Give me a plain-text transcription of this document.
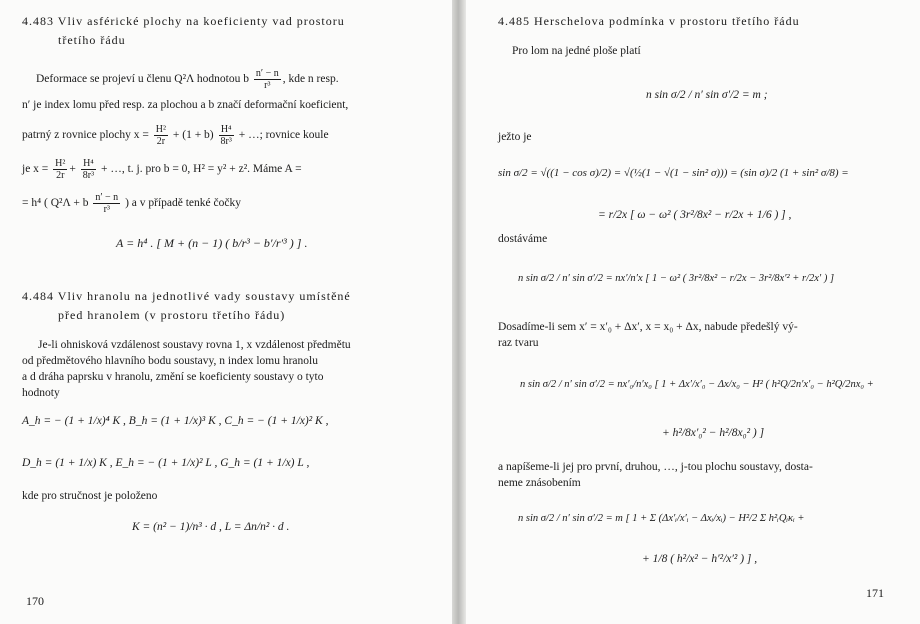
4.483 Vliv asférické plochy na koeficienty vad prostoru
třetího řádu
Deformace se projeví u členu Q²Λ hodnotou b $\frac{n' - n}{\text{r³}}$ , kde n resp.
n′ je index lomu před resp. za plochou a b značí deformační koeficient,
patrný z rovnice plochy $x = \frac{\text{H²}}{2r} + (1 + b) \frac{\text{H⁴}}{\text{8r³}}$ + …; rovnice koule
je $x = \frac{\text{H²}}{2r} + \frac{\text{H⁴}}{\text{8r³}}$ + …, t. j. pro b = 0, H² = y² + z². Máme A =
= h⁴ ( Q²Λ + b $\frac{n' - n}{\text{r³}}$ ) a v případě tenké čočky
A = h⁴ . [ M + (n − 1) ( b/r³ − b′/r′³ ) ] .
4.484 Vliv hranolu na jednotlivé vady soustavy umístěné
před hranolem (v prostoru třetího řádu)
Je-li ohnisková vzdálenost soustavy rovna 1, x vzdálenost předmětu
od předmětového hlavního bodu soustavy, n index lomu hranolu
a d dráha paprsku v hranolu, změní se koeficienty soustavy o tyto
hodnoty
A_h = − (1 + 1/x)⁴ K , B_h = (1 + 1/x)³ K , C_h = − (1 + 1/x)² K ,
D_h = (1 + 1/x) K , E_h = − (1 + 1/x)² L , G_h = (1 + 1/x) L ,
kde pro stručnost je položeno
K = (n² − 1)/n³ · d , L = Δn/n² · d .
170
4.485 Herschelova podmínka v prostoru třetího řádu
Pro lom na jedné ploše platí
n sin σ/2 / n′ sin σ′/2 = m ;
ježto je
sin σ/2 = √((1 − cos σ)/2) = √(½(1 − √(1 − sin² σ))) = (sin σ)/2 (1 + sin² σ/8) =
= r/2x [ ω − ω² ( 3r²/8x² − r/2x + 1/6 ) ] ,
dostáváme
n sin σ/2 / n′ sin σ′/2 = nx′/n′x [ 1 − ω² ( 3r²/8x² − r/2x − 3r²/8x′² + r/2x′ ) ]
Dosadíme-li sem x′ = x′₀ + Δx′, x = x₀ + Δx, nabude předešlý vý-
raz tvaru
n sin σ/2 / n′ sin σ′/2 = nx′₀/n′x₀ [ 1 + Δx′/x′₀ − Δx/x₀ − H² ( h²Q/2n′x′₀ − h²Q/2nx₀ +
+ h²/8x′₀² − h²/8x₀² ) ]
a napíšeme-li jej pro první, druhou, …, j-tou plochu soustavy, dosta-
neme znásobením
n sin σ/2 / n′ sin σ′/2 = m [ 1 + Σ (Δx′ᵢ/x′ᵢ − Δxᵢ/xᵢ) − H²/2 Σ h²ᵢQᵢκᵢ +
+ 1/8 ( h²/x² − h′²/x′² ) ] ,
171
